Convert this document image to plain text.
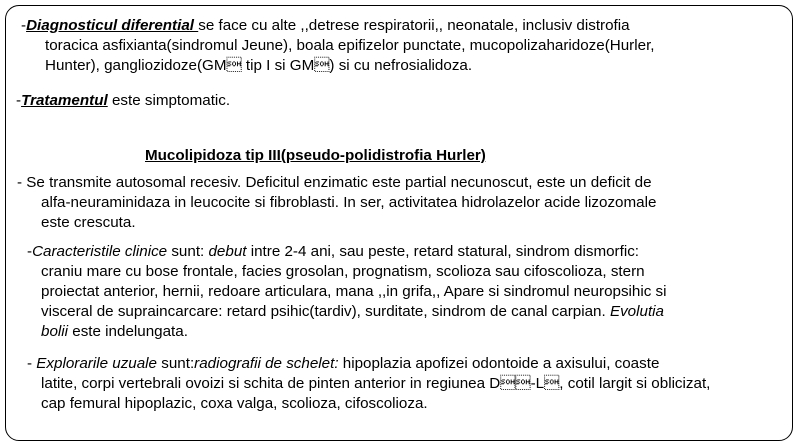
-Diagnosticul diferential se face cu alte ,,detrese respiratorii,, neonatale, inclusiv distrofia
toracica asfixianta(sindromul Jeune), boala epifizelor punctate, mucopolizaharidoze(Hurler,
Hunter), gangliozidoze(GM tip I si GM) si cu nefrosialidoza.
-Tratamentul este simptomatic.
Mucolipidoza tip III(pseudo-polidistrofia Hurler)
- Se transmite autosomal recesiv. Deficitul enzimatic este partial necunoscut, este un deficit de
alfa-neuraminidaza in leucocite si fibroblasti. In ser, activitatea hidrolazelor acide lizozomale
este crescuta.
-Caracteristile clinice sunt: debut intre 2-4 ani, sau peste, retard statural, sindrom dismorfic:
craniu mare cu bose frontale, facies grosolan, prognatism, scolioza sau cifoscolioza, stern
proiectat anterior, hernii, redoare articulara, mana ,,in grifa,, Apare si sindromul neuropsihic si
visceral de supraincarcare: retard psihic(tardiv), surditate, sindrom de canal carpian. Evolutia
bolii este indelungata.
- Explorarile uzuale sunt:radiografii de schelet: hipoplazia apofizei odontoide a axisului, coaste
latite, corpi vertebrali ovoizi si schita de pinten anterior in regiunea D-L, cotil largit si oblicizat,
cap femural hipoplazic, coxa valga, scolioza, cifoscolioza.
